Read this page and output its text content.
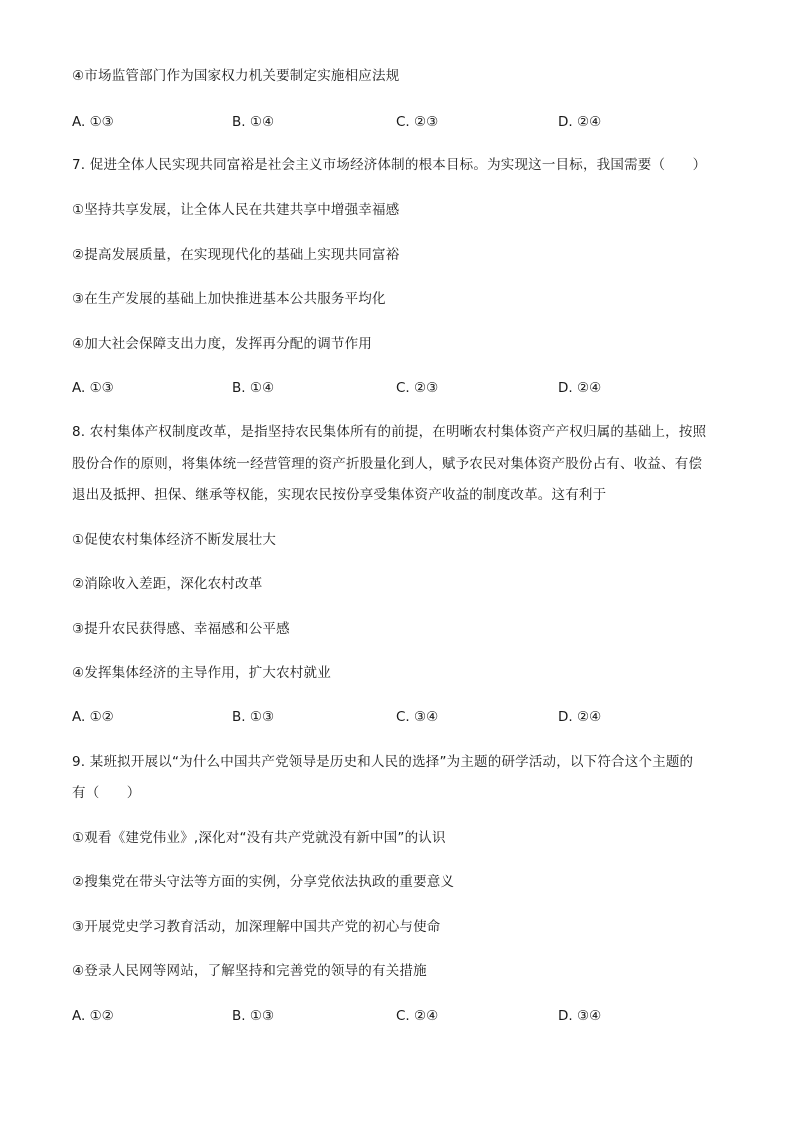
④市场监管部门作为国家权力机关要制定实施相应法规
A. ①③	B. ①④	C. ②③	D. ②④
7. 促进全体人民实现共同富裕是社会主义市场经济体制的根本目标。为实现这一目标，我国需要（　　）
①坚持共享发展，让全体人民在共建共享中增强幸福感
②提高发展质量，在实现现代化的基础上实现共同富裕
③在生产发展的基础上加快推进基本公共服务平均化
④加大社会保障支出力度，发挥再分配的调节作用
A. ①③	B. ①④	C. ②③	D. ②④
8. 农村集体产权制度改革，是指坚持农民集体所有的前提，在明晰农村集体资产产权归属的基础上，按照
股份合作的原则，将集体统一经营管理的资产折股量化到人，赋予农民对集体资产股份占有、收益、有偿
退出及抵押、担保、继承等权能，实现农民按份享受集体资产收益的制度改革。这有利于
①促使农村集体经济不断发展壮大
②消除收入差距，深化农村改革
③提升农民获得感、幸福感和公平感
④发挥集体经济的主导作用，扩大农村就业
A. ①②	B. ①③	C. ③④	D. ②④
9. 某班拟开展以“为什么中国共产党领导是历史和人民的选择”为主题的研学活动，以下符合这个主题的
有（　　）
①观看《建党伟业》,深化对“没有共产党就没有新中国”的认识
②搜集党在带头守法等方面的实例，分享党依法执政的重要意义
③开展党史学习教育活动，加深理解中国共产党的初心与使命
④登录人民网等网站，了解坚持和完善党的领导的有关措施
A. ①②	B. ①③	C. ②④	D. ③④
